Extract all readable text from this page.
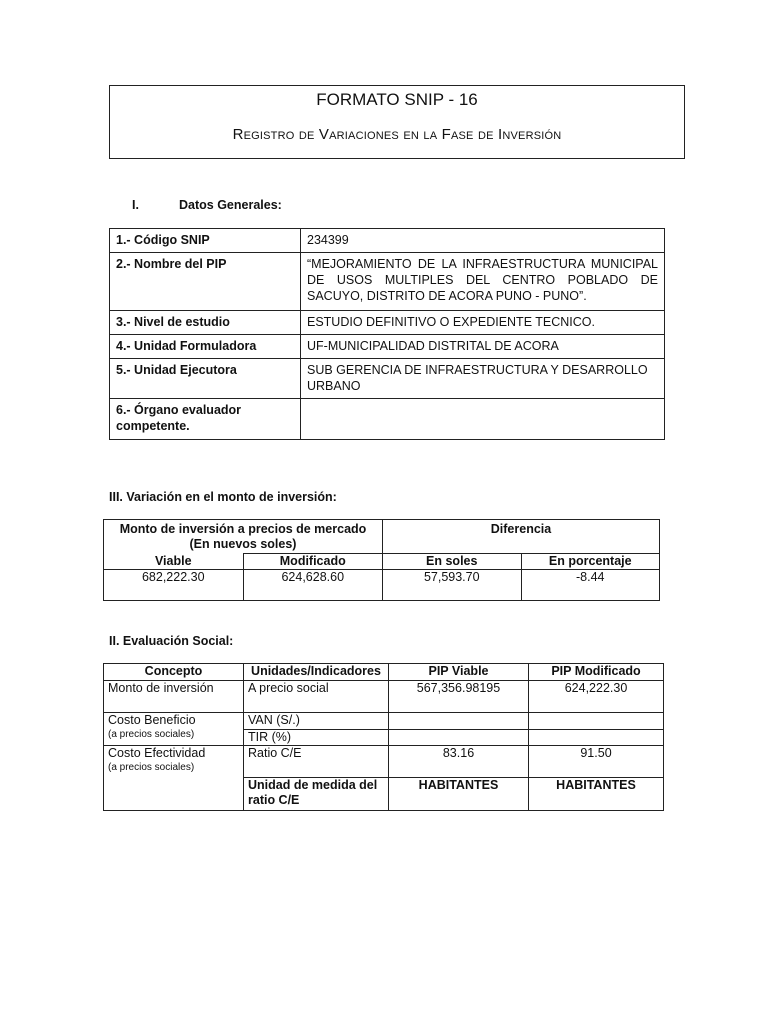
FORMATO SNIP - 16
Registro de Variaciones en la Fase de Inversión
I.	Datos Generales:
1.- Código SNIP	234399
2.- Nombre del PIP	“MEJORAMIENTO DE LA INFRAESTRUCTURA MUNICIPAL DE USOS MULTIPLES DEL CENTRO POBLADO DE SACUYO, DISTRITO DE ACORA PUNO - PUNO”.
3.- Nivel de estudio	ESTUDIO DEFINITIVO O EXPEDIENTE TECNICO.
4.- Unidad Formuladora	UF-MUNICIPALIDAD DISTRITAL DE ACORA
5.- Unidad Ejecutora	SUB GERENCIA DE INFRAESTRUCTURA Y DESARROLLO URBANO
6.- Órgano evaluador competente.	
III. Variación en el monto de inversión:
Monto de inversión a precios de mercado
(En nuevos soles)		Diferencia	
Viable	Modificado	En soles	En porcentaje
682,222.30	624,628.60	57,593.70	-8.44
II. Evaluación Social:
Concepto	Unidades/Indicadores	PIP Viable	PIP Modificado
Monto de inversión	A precio social	567,356.98195	624,222.30
Costo Beneficio
(a precios sociales)	VAN (S/.)		
	TIR (%)		
Costo Efectividad
(a precios sociales)	Ratio C/E	83.16	91.50
	Unidad de medida del ratio C/E	HABITANTES	HABITANTES
